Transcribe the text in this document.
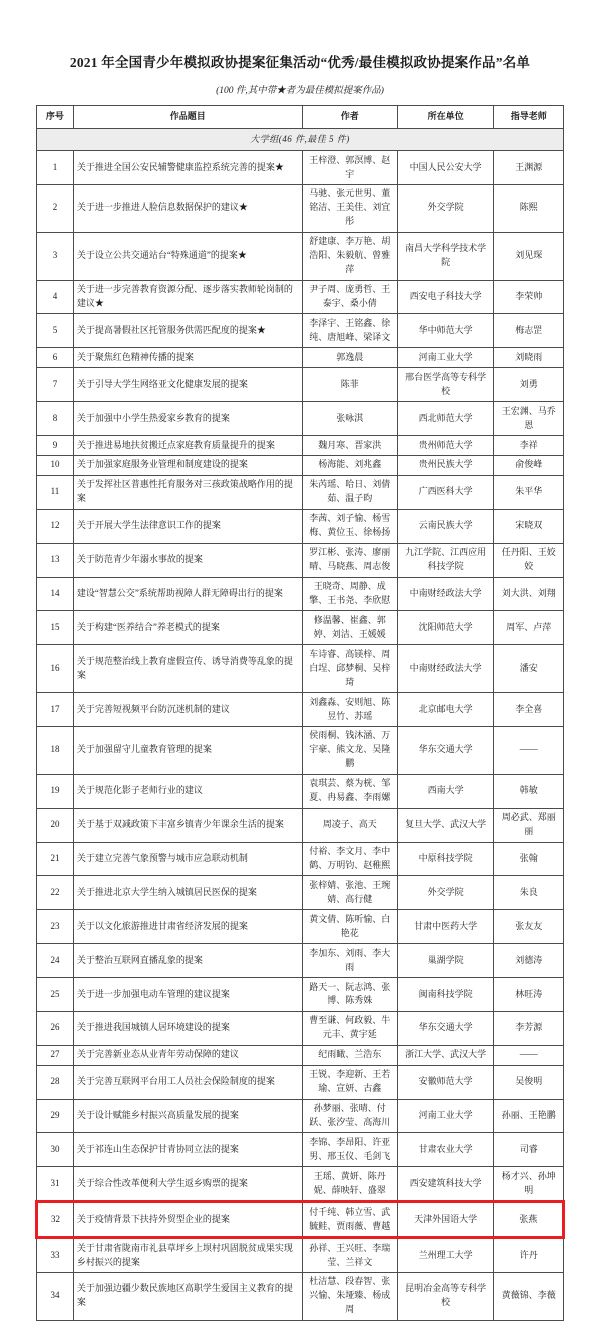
2021 年全国青少年模拟政协提案征集活动“优秀/最佳模拟政协提案作品”名单
(100 件,其中带★者为最佳模拟提案作品)
序号	作品题目	作者	所在单位	指导老师
大学组(46 件,最佳 5 件)				
1	关于推进全国公安民辅警健康监控系统完善的提案★	王梓澄、郭溟博、赵宇	中国人民公安大学	王渊源
2	关于进一步推进人脸信息数据保护的建议★	马驰、张元世男、董铭洁、王美佳、刘宜彤	外交学院	陈熙
3	关于设立公共交通站台“特殊通道”的提案★	舒建康、李万艳、胡浩阳、朱毅航、曾雅萍	南昌大学科学技术学院	刘见琛
4	关于进一步完善教育资源分配、逐步落实教师轮岗制的建议★	尹子周、庞勇哲、王泰宇、桑小倩	西安电子科技大学	李荣帅
5	关于提高暑假社区托管服务供需匹配度的提案★	李泽宇、王铭鑫、徐纯、唐旭峰、梁译文	华中师范大学	梅志罡
6	关于聚焦红色精神传播的提案	郭逸晨	河南工业大学	刘晓雨
7	关于引导大学生网络亚文化健康发展的提案	陈菲	邢台医学高等专科学校	刘勇
8	关于加强中小学生热爱家乡教育的提案	张咏淇	西北师范大学	王宏渊、马乔恩
9	关于推进易地扶贫搬迁点家庭教育质量提升的提案	魏月寒、晋家洪	贵州师范大学	李祥
10	关于加强家庭服务业管理和制度建设的提案	杨海能、刘兆鑫	贵州民族大学	俞俊峰
11	关于发挥社区普惠性托育服务对三孩政策战略作用的提案	朱芮瑶、哈日、刘倩茹、温子昀	广西医科大学	朱平华
12	关于开展大学生法律意识工作的提案	李茜、刘子愉、杨雪梅、黄位玉、徐杨扬	云南民族大学	宋晓双
13	关于防范青少年溺水事故的提案	罗江彬、张涛、廖丽晴、马晓燕、周志俊	九江学院、江西应用科技学院	任丹阳、王姣姣
14	建设“智慧公交”系统帮助视障人群无障碍出行的提案	王晓奇、周静、成擎、王书尧、李欣慰	中南财经政法大学	刘大洪、刘翔
15	关于构建“医养结合”养老模式的提案	修温馨、崔鑫、郭婷、刘洁、王媛媛	沈阳师范大学	周军、卢萍
16	关于规范整治线上教育虚假宣传、诱导消费等乱象的提案	车诗睿、高镁梓、周白埕、邱梦桐、吴梓琦	中南财经政法大学	潘安
17	关于完善短视频平台防沉迷机制的建议	刘鑫淼、安则旭、陈昱竹、苏瑶	北京邮电大学	李全喜
18	关于加强留守儿童教育管理的提案	侯雨桐、钱沐涵、万宇豪、熊文龙、吴隆鹏	华东交通大学	——
19	关于规范化影子老师行业的建议	袁琪芸、蔡为桄、邹夏、冉易鑫、李雨嫘	西南大学	韩敏
20	关于基于双减政策下丰富乡镇青少年课余生活的提案	周凌子、高天	复旦大学、武汉大学	周必武、郑丽丽
21	关于建立完善气象预警与城市应急联动机制	付裕、李文月、李中鹤、万明钧、赵稚熙	中原科技学院	张翰
22	关于推进北京大学生纳入城镇居民医保的提案	张梓婧、张池、王琬婧、高行健	外交学院	朱良
23	关于以文化旅游推进甘肃省经济发展的提案	黄文倩、陈听愉、白艳花	甘肃中医药大学	张友友
24	关于整治互联网直播乱象的提案	李加东、刘雨、李大雨	巢湖学院	刘德涛
25	关于进一步加强电动车管理的建议提案	路天一、阮志鸿、张博、陈秀姝	闽南科技学院	林旺涛
26	关于推进我国城镇人居环境建设的提案	曹至谦、何政毅、牛元丰、黄宇延	华东交通大学	李芳源
27	关于完善新业态从业青年劳动保障的建议	纪雨瞰、兰浩东	浙江大学、武汉大学	——
28	关于完善互联网平台用工人员社会保险制度的提案	王锐、李迎新、王若瑜、宣妍、古鑫	安徽师范大学	吴俊明
29	关于设计赋能乡村振兴高质量发展的提案	孙梦丽、张晴、付跃、张汐莹、高海川	河南工业大学	孙丽、王艳鹏
30	关于祁连山生态保护甘青协同立法的提案	李锦、李昂阳、许亚男、邢玉仪、毛剑飞	甘肃农业大学	司睿
31	关于综合性改革便利大学生返乡购票的提案	王瑶、黄妍、陈丹妮、薛映轩、盛翠	西安建筑科技大学	杨才兴、孙坤明
32	关于疫情背景下扶持外贸型企业的提案	付千纯、韩立雪、武毓鲑、贾雨薇、曹越	天津外国语大学	张燕
33	关于甘肃省陇南市礼县草坪乡上坝村巩固脱贫成果实现乡村振兴的提案	孙祥、王兴旺、李瑞莹、兰祥文	兰州理工大学	许丹
34	关于加强边疆少数民族地区高职学生爱国主义教育的提案	杜洁慧、段春智、张兴愉、朱垭臻、杨成周	昆明冶金高等专科学校	黄薇锦、李薇
